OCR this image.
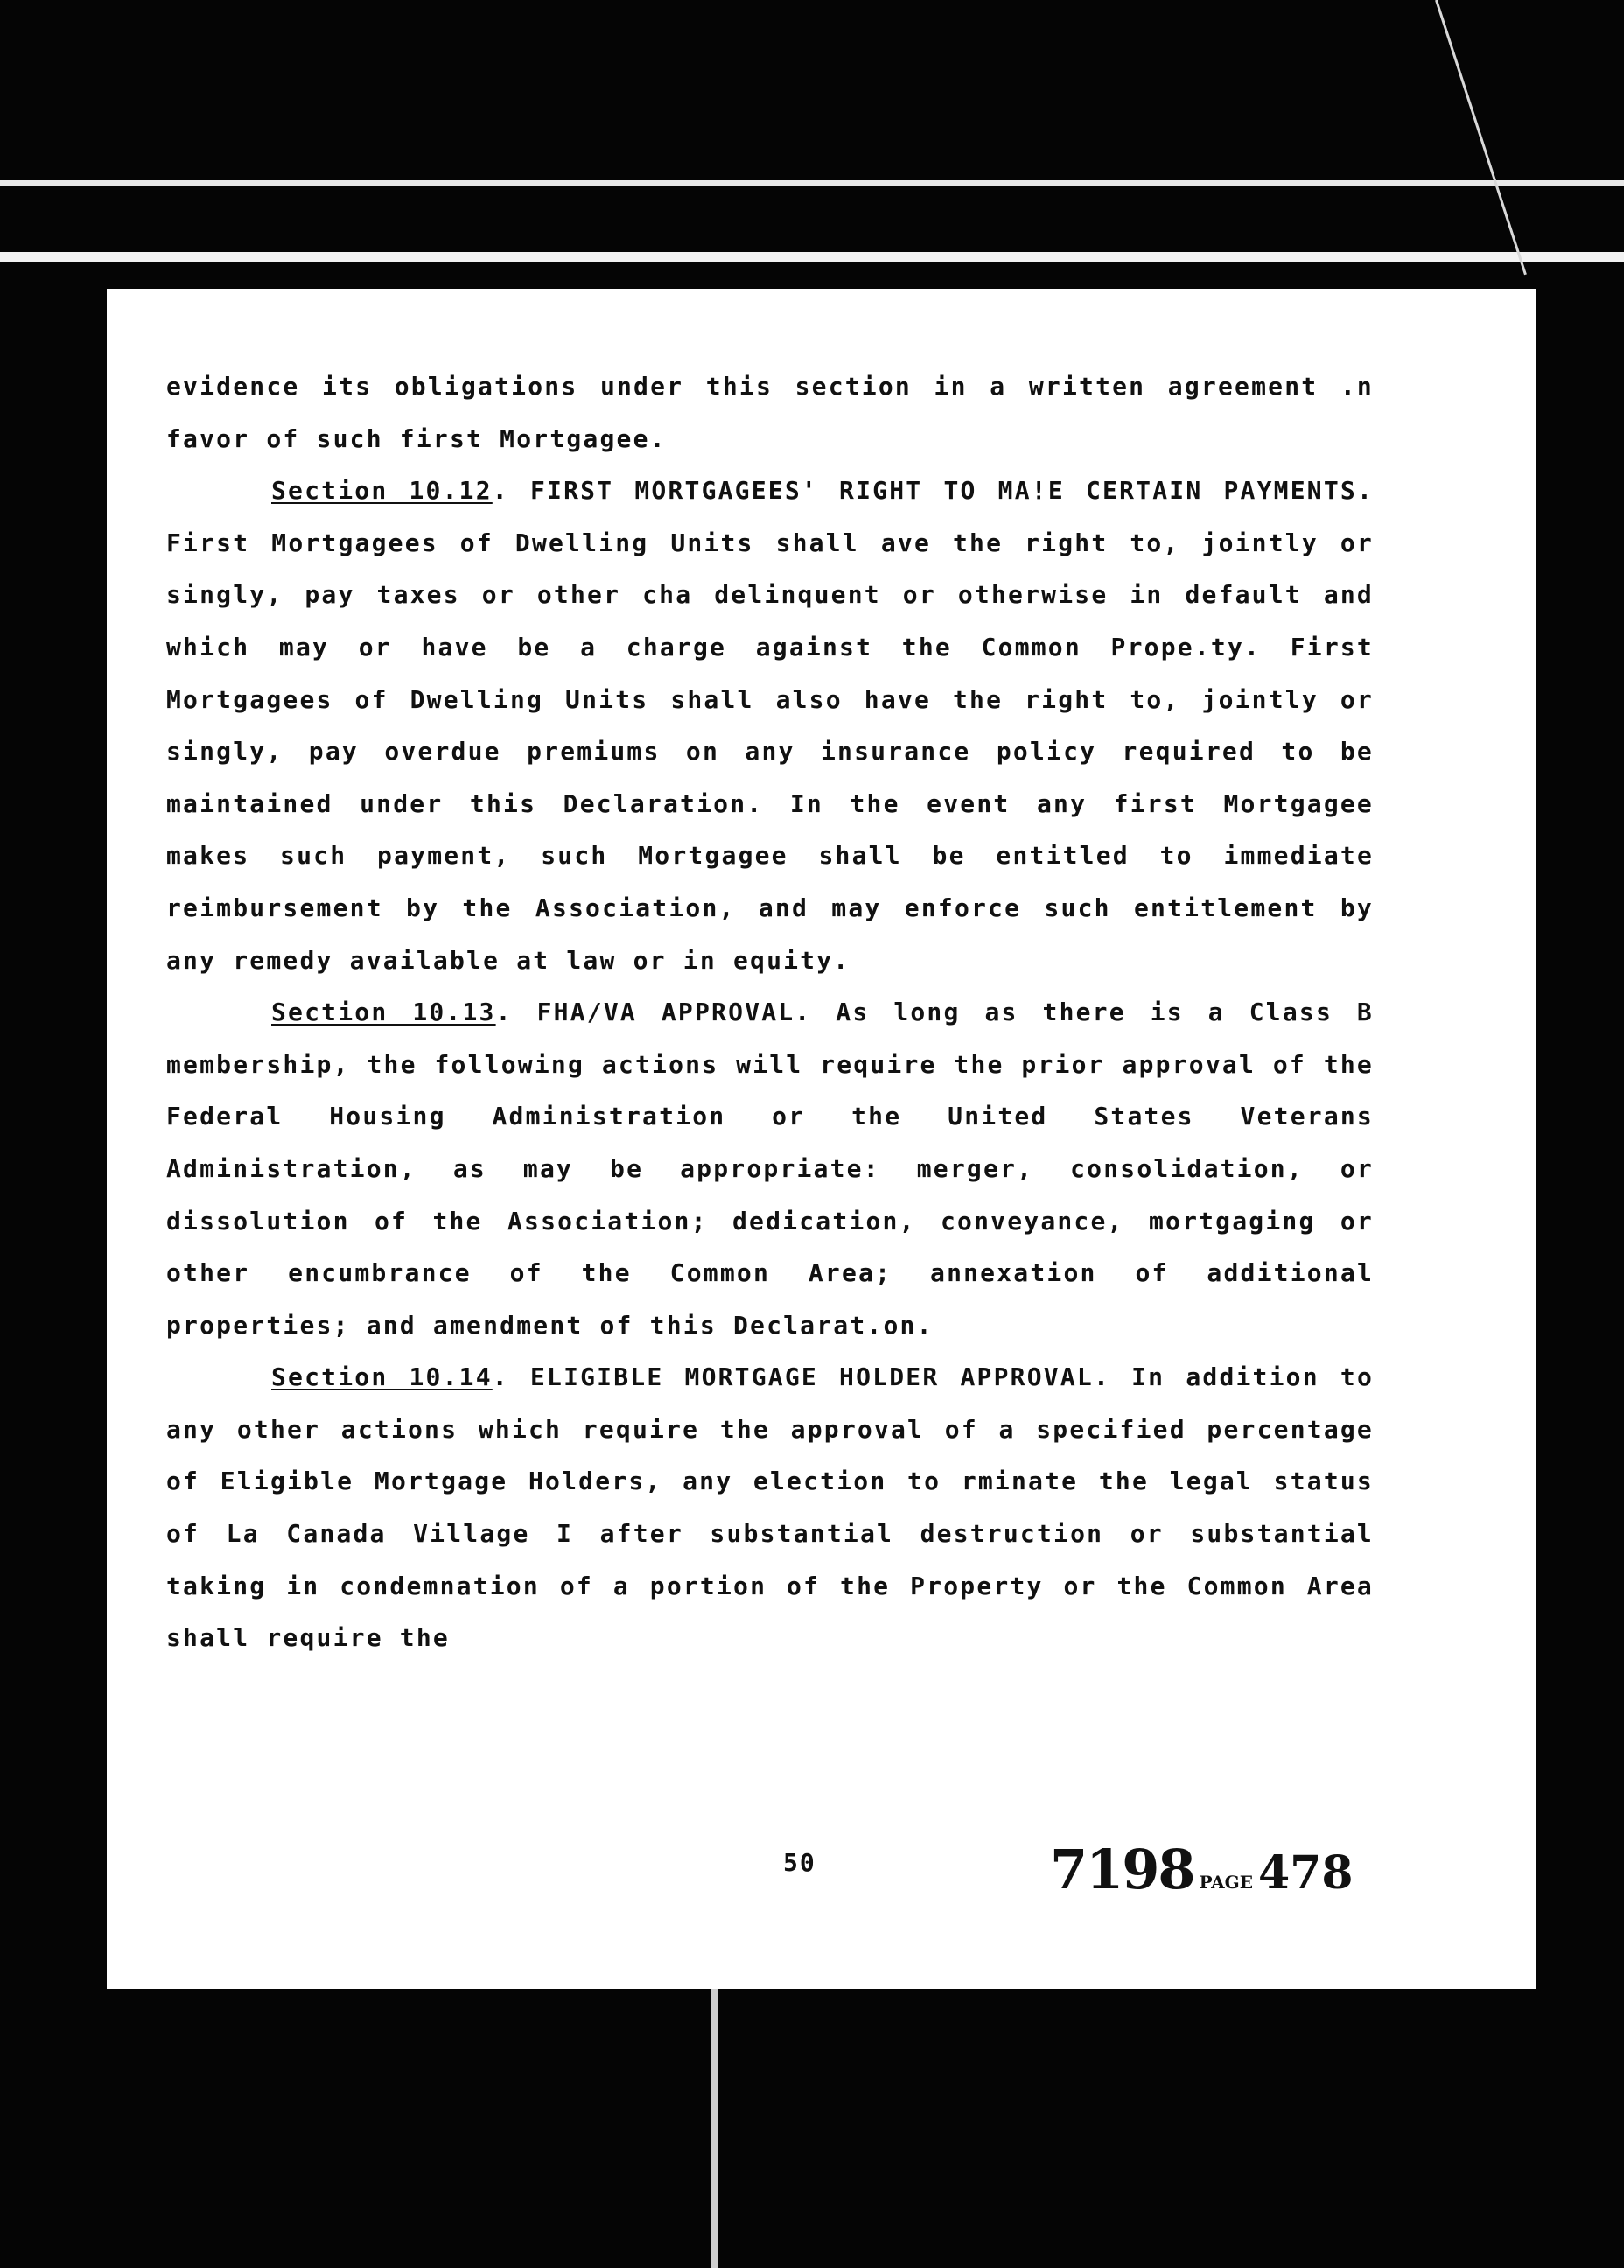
evidence its obligations under this section in a written agreement .n favor of such first Mortgagee.

Section 10.12. FIRST MORTGAGEES' RIGHT TO MA!E CERTAIN PAYMENTS. First Mortgagees of Dwelling Units shall ave the right to, jointly or singly, pay taxes or other cha delinquent or otherwise in default and which may or have be a charge against the Common Prope.ty. First Mortgagees of Dwelling Units shall also have the right to, jointly or singly, pay overdue premiums on any insurance policy required to be maintained under this Declaration. In the event any first Mortgagee makes such payment, such Mortgagee shall be entitled to immediate reimbursement by the Association, and may enforce such entitlement by any remedy available at law or in equity.

Section 10.13. FHA/VA APPROVAL. As long as there is a Class B membership, the following actions will require the prior approval of the Federal Housing Administration or the United States Veterans Administration, as may be appropriate: merger, consolidation, or dissolution of the Association; dedication, conveyance, mortgaging or other encumbrance of the Common Area; annexation of additional properties; and amendment of this Declarat.on.

Section 10.14. ELIGIBLE MORTGAGE HOLDER APPROVAL. In addition to any other actions which require the approval of a specified percentage of Eligible Mortgage Holders, any election to rminate the legal status of La Canada Village I after substantial destruction or substantial taking in condemnation of a portion of the Property or the Common Area shall require the

50	7198 PAGE 478
